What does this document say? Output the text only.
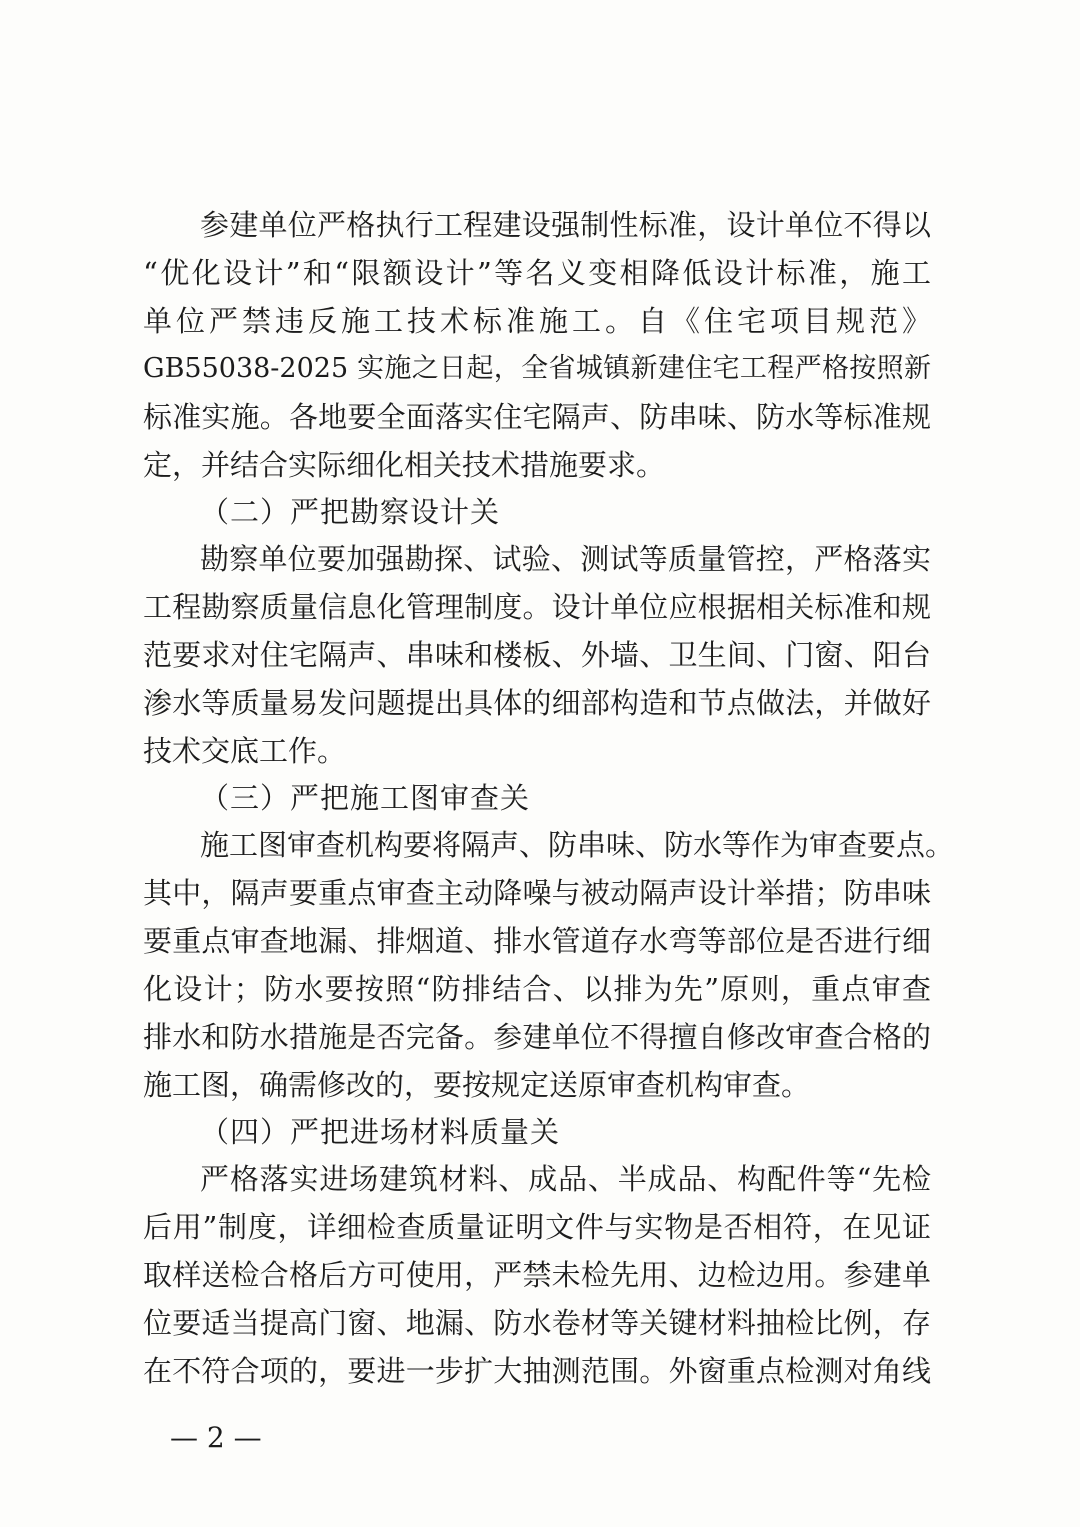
参建单位严格执行工程建设强制性标准，设计单位不得以
“优化设计”和“限额设计”等名义变相降低设计标准，施工
单位严禁违反施工技术标准施工。自《住宅项目规范》
GB55038-2025 实施之日起，全省城镇新建住宅工程严格按照新
标准实施。各地要全面落实住宅隔声、防串味、防水等标准规
定，并结合实际细化相关技术措施要求。
（二）严把勘察设计关
勘察单位要加强勘探、试验、测试等质量管控，严格落实
工程勘察质量信息化管理制度。设计单位应根据相关标准和规
范要求对住宅隔声、串味和楼板、外墙、卫生间、门窗、阳台
渗水等质量易发问题提出具体的细部构造和节点做法，并做好
技术交底工作。
（三）严把施工图审查关
施工图审查机构要将隔声、防串味、防水等作为审查要点。
其中，隔声要重点审查主动降噪与被动隔声设计举措；防串味
要重点审查地漏、排烟道、排水管道存水弯等部位是否进行细
化设计；防水要按照“防排结合、以排为先”原则，重点审查
排水和防水措施是否完备。参建单位不得擅自修改审查合格的
施工图，确需修改的，要按规定送原审查机构审查。
（四）严把进场材料质量关
严格落实进场建筑材料、成品、半成品、构配件等“先检
后用”制度，详细检查质量证明文件与实物是否相符，在见证
取样送检合格后方可使用，严禁未检先用、边检边用。参建单
位要适当提高门窗、地漏、防水卷材等关键材料抽检比例，存
在不符合项的，要进一步扩大抽测范围。外窗重点检测对角线
— 2 —
